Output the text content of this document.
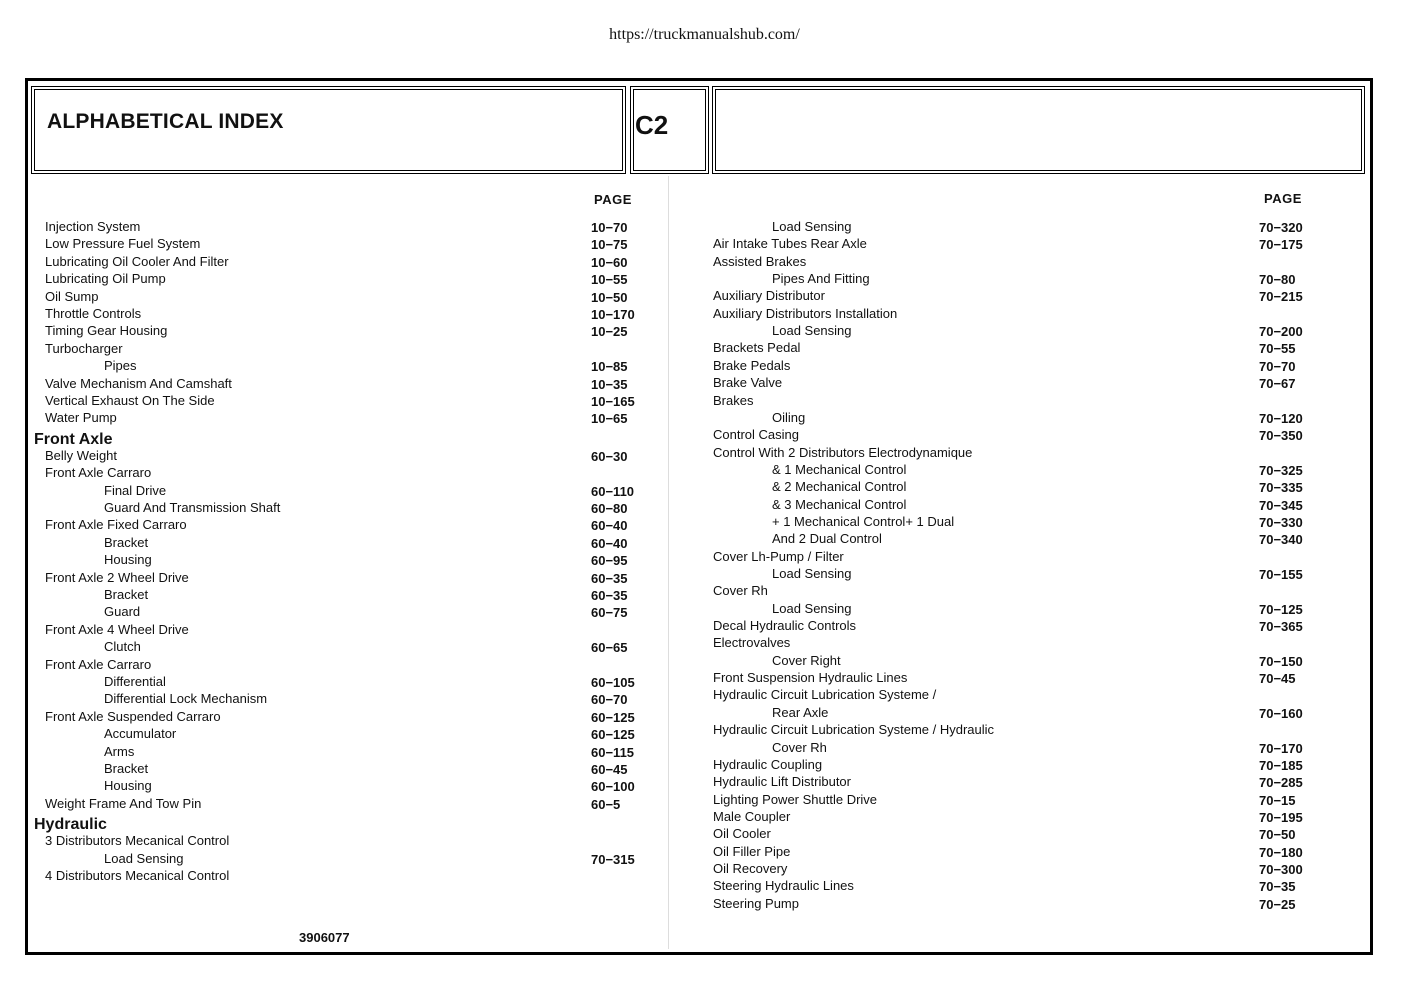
https://truckmanualshub.com/
ALPHABETICAL INDEX	C2
PAGE	PAGE
Injection System	10−70
Low Pressure Fuel System	10−75
Lubricating Oil Cooler And Filter	10−60
Lubricating Oil Pump	10−55
Oil Sump	10−50
Throttle Controls	10−170
Timing Gear Housing	10−25
Turbocharger
Pipes	10−85
Valve Mechanism And Camshaft	10−35
Vertical Exhaust On The Side	10−165
Water Pump	10−65
Front Axle
Belly Weight	60−30
Front Axle Carraro
Final Drive	60−110
Guard And Transmission Shaft	60−80
Front Axle Fixed Carraro	60−40
Bracket	60−40
Housing	60−95
Front Axle 2 Wheel Drive	60−35
Bracket	60−35
Guard	60−75
Front Axle 4 Wheel Drive
Clutch	60−65
Front Axle Carraro
Differential	60−105
Differential Lock Mechanism	60−70
Front Axle Suspended Carraro	60−125
Accumulator	60−125
Arms	60−115
Bracket	60−45
Housing	60−100
Weight Frame And Tow Pin	60−5
Hydraulic
3 Distributors Mecanical Control
Load Sensing	70−315
4 Distributors Mecanical Control
Load Sensing	70−320
Air Intake Tubes Rear Axle	70−175
Assisted Brakes
Pipes And Fitting	70−80
Auxiliary Distributor	70−215
Auxiliary Distributors Installation
Load Sensing	70−200
Brackets Pedal	70−55
Brake Pedals	70−70
Brake Valve	70−67
Brakes
Oiling	70−120
Control Casing	70−350
Control With 2 Distributors Electrodynamique
& 1 Mechanical Control	70−325
& 2 Mechanical Control	70−335
& 3 Mechanical Control	70−345
+ 1 Mechanical Control+ 1 Dual	70−330
And 2 Dual Control	70−340
Cover Lh-Pump / Filter
Load Sensing	70−155
Cover Rh
Load Sensing	70−125
Decal Hydraulic Controls	70−365
Electrovalves
Cover Right	70−150
Front Suspension Hydraulic Lines	70−45
Hydraulic Circuit Lubrication Systeme /
Rear Axle	70−160
Hydraulic Circuit Lubrication Systeme / Hydraulic
Cover Rh	70−170
Hydraulic Coupling	70−185
Hydraulic Lift Distributor	70−285
Lighting Power Shuttle Drive	70−15
Male Coupler	70−195
Oil Cooler	70−50
Oil Filler Pipe	70−180
Oil Recovery	70−300
Steering Hydraulic Lines	70−35
Steering Pump	70−25
3906077
